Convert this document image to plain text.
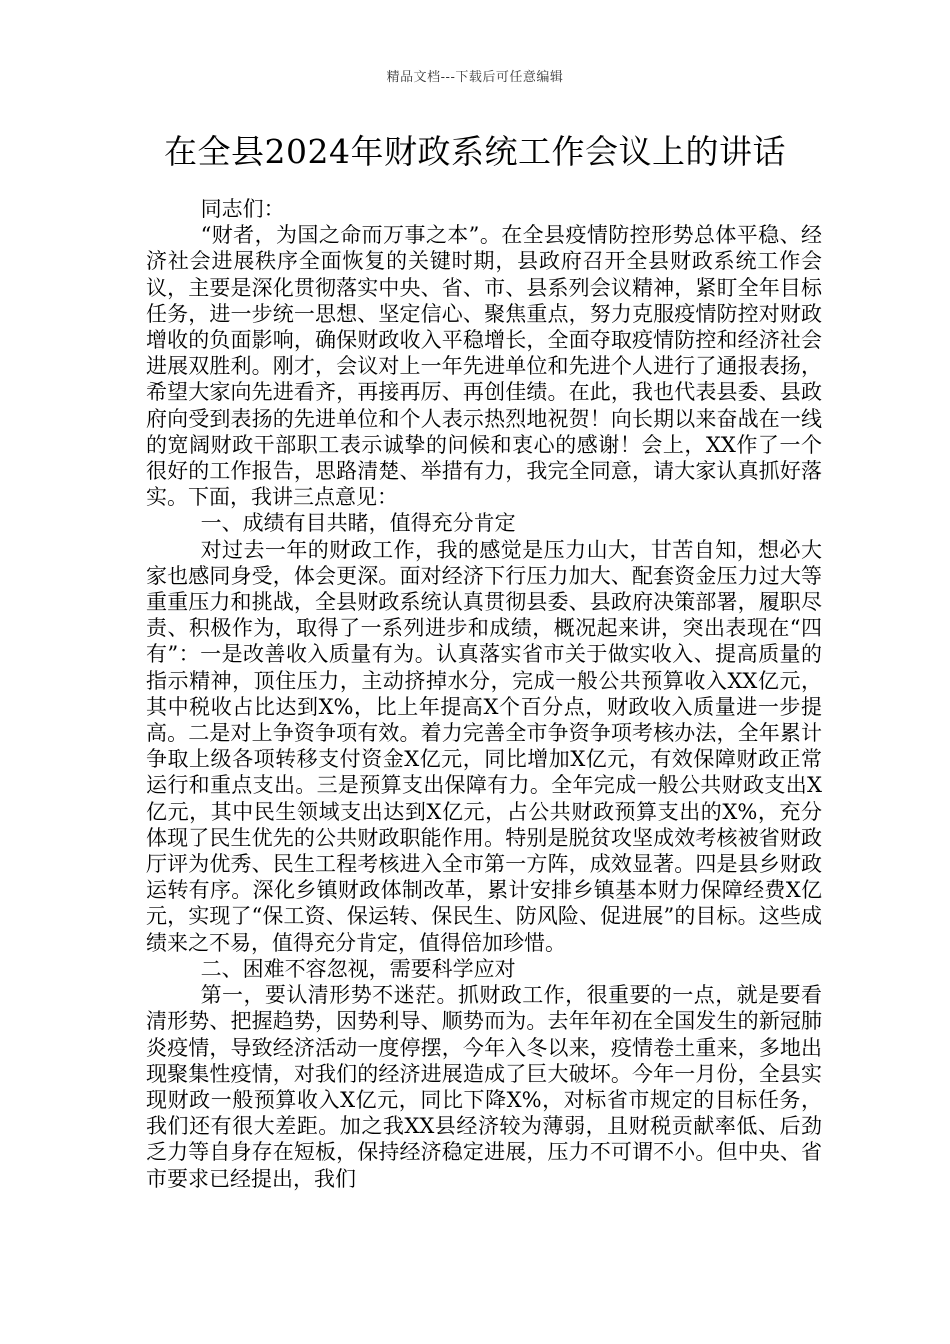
精品文档---下载后可任意编辑
在全县2024年财政系统工作会议上的讲话

同志们：

“财者，为国之命而万事之本”。在全县疫情防控形势总体平稳、经济社会进展秩序全面恢复的关键时期，县政府召开全县财政系统工作会议，主要是深化贯彻落实中央、省、市、县系列会议精神，紧盯全年目标任务，进一步统一思想、坚定信心、聚焦重点，努力克服疫情防控对财政增收的负面影响，确保财政收入平稳增长，全面夺取疫情防控和经济社会进展双胜利。刚才，会议对上一年先进单位和先进个人进行了通报表扬，希望大家向先进看齐，再接再厉、再创佳绩。在此，我也代表县委、县政府向受到表扬的先进单位和个人表示热烈地祝贺！向长期以来奋战在一线的宽阔财政干部职工表示诚挚的问候和衷心的感谢！会上，XX作了一个很好的工作报告，思路清楚、举措有力，我完全同意，请大家认真抓好落实。下面，我讲三点意见：

一、成绩有目共睹，值得充分肯定

对过去一年的财政工作，我的感觉是压力山大，甘苦自知，想必大家也感同身受，体会更深。面对经济下行压力加大、配套资金压力过大等重重压力和挑战，全县财政系统认真贯彻县委、县政府决策部署，履职尽责、积极作为，取得了一系列进步和成绩，概况起来讲，突出表现在“四有”：一是改善收入质量有为。认真落实省市关于做实收入、提高质量的指示精神，顶住压力，主动挤掉水分，完成一般公共预算收入XX亿元，其中税收占比达到X%，比上年提高X个百分点，财政收入质量进一步提高。二是对上争资争项有效。着力完善全市争资争项考核办法，全年累计争取上级各项转移支付资金X亿元，同比增加X亿元，有效保障财政正常运行和重点支出。三是预算支出保障有力。全年完成一般公共财政支出X亿元，其中民生领域支出达到X亿元，占公共财政预算支出的X%，充分体现了民生优先的公共财政职能作用。特别是脱贫攻坚成效考核被省财政厅评为优秀、民生工程考核进入全市第一方阵，成效显著。四是县乡财政运转有序。深化乡镇财政体制改革，累计安排乡镇基本财力保障经费X亿元，实现了“保工资、保运转、保民生、防风险、促进展”的目标。这些成绩来之不易，值得充分肯定，值得倍加珍惜。

二、困难不容忽视，需要科学应对

第一，要认清形势不迷茫。抓财政工作，很重要的一点，就是要看清形势、把握趋势，因势利导、顺势而为。去年年初在全国发生的新冠肺炎疫情，导致经济活动一度停摆，今年入冬以来，疫情卷土重来，多地出现聚集性疫情，对我们的经济进展造成了巨大破坏。今年一月份，全县实现财政一般预算收入X亿元，同比下降X%，对标省市规定的目标任务，我们还有很大差距。加之我XX县经济较为薄弱，且财税贡献率低、后劲乏力等自身存在短板，保持经济稳定进展，压力不可谓不小。但中央、省市要求已经提出，我们
